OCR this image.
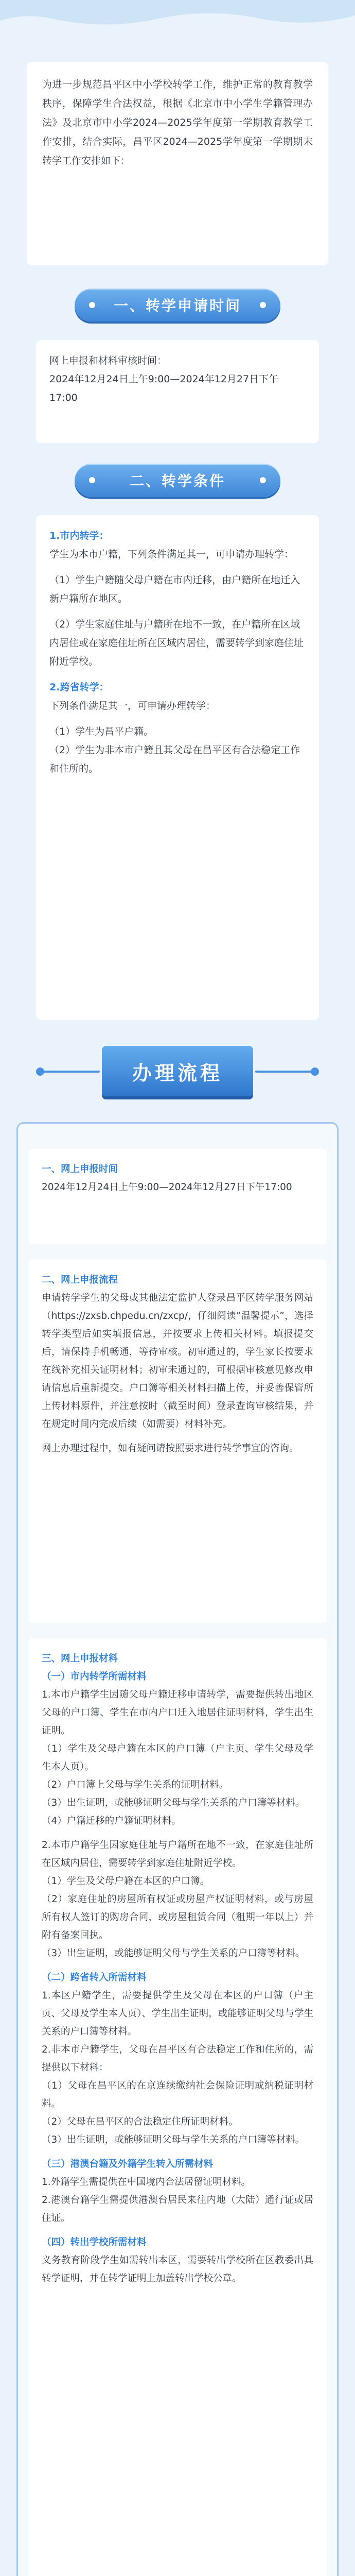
为进一步规范昌平区中小学校转学工作，维护正常的教育教学秩序，保障学生合法权益，根据《北京市中小学生学籍管理办法》及北京市中小学2024—2025学年度第一学期教育教学工作安排，结合实际，昌平区2024—2025学年度第一学期期末转学工作安排如下：

一、转学申请时间

网上申报和材料审核时间：

2024年12月24日上午9:00—2024年12月27日下午17:00

二、转学条件

1.市内转学：

学生为本市户籍，下列条件满足其一，可申请办理转学：

（1）学生户籍随父母户籍在市内迁移，由户籍所在地迁入新户籍所在地区。

（2）学生家庭住址与户籍所在地不一致，在户籍所在区域内居住或在家庭住址所在区域内居住，需要转学到家庭住址附近学校。

2.跨省转学：

下列条件满足其一，可申请办理转学：

（1）学生为昌平户籍。

（2）学生为非本市户籍且其父母在昌平区有合法稳定工作和住所的。

办理流程

一、网上申报时间

2024年12月24日上午9:00—2024年12月27日下午17:00

二、网上申报流程

申请转学学生的父母或其他法定监护人登录昌平区转学服务网站（https://zxsb.chpedu.cn/zxcp/，仔细阅读“温馨提示”，选择转学类型后如实填报信息，并按要求上传相关材料。填报提交后，请保持手机畅通，等待审核。初审通过的，学生家长按要求在线补充相关证明材料；初审未通过的，可根据审核意见修改申请信息后重新提交。户口簿等相关材料扫描上传，并妥善保管所上传材料原件，并注意按时（截至时间）登录查询审核结果，并在规定时间内完成后续（如需要）材料补充。

网上办理过程中，如有疑问请按照要求进行转学事宜的咨询。

三、网上申报材料

（一）市内转学所需材料

1.本市户籍学生因随父母户籍迁移申请转学，需要提供转出地区父母的户口簿、学生在市内户口迁入地居住证明材料，学生出生证明。

（1）学生及父母户籍在本区的户口簿（户主页、学生父母及学生本人页）。

（2）户口簿上父母与学生关系的证明材料。

（3）出生证明，或能够证明父母与学生关系的户口簿等材料。

（4）户籍迁移的户籍证明材料。

2.本市户籍学生因家庭住址与户籍所在地不一致，在家庭住址所在区域内居住，需要转学到家庭住址附近学校。

（1）学生及父母户籍在本区的户口簿。

（2）家庭住址的房屋所有权证或房屋产权证明材料，或与房屋所有权人签订的购房合同，或房屋租赁合同（租期一年以上）并附有备案回执。

（3）出生证明，或能够证明父母与学生关系的户口簿等材料。

（二）跨省转入所需材料

1.本区户籍学生，需要提供学生及父母在本区的户口簿（户主页、父母及学生本人页）、学生出生证明，或能够证明父母与学生关系的户口簿等材料。

2.非本市户籍学生，父母在昌平区有合法稳定工作和住所的，需提供以下材料：

（1）父母在昌平区的在京连续缴纳社会保险证明或纳税证明材料。

（2）父母在昌平区的合法稳定住所证明材料。

（3）出生证明，或能够证明父母与学生关系的户口簿等材料。

（三）港澳台籍及外籍学生转入所需材料

1.外籍学生需提供在中国境内合法居留证明材料。

2.港澳台籍学生需提供港澳台居民来往内地（大陆）通行证或居住证。

（四）转出学校所需材料

义务教育阶段学生如需转出本区，需要转出学校所在区教委出具转学证明，并在转学证明上加盖转出学校公章。
